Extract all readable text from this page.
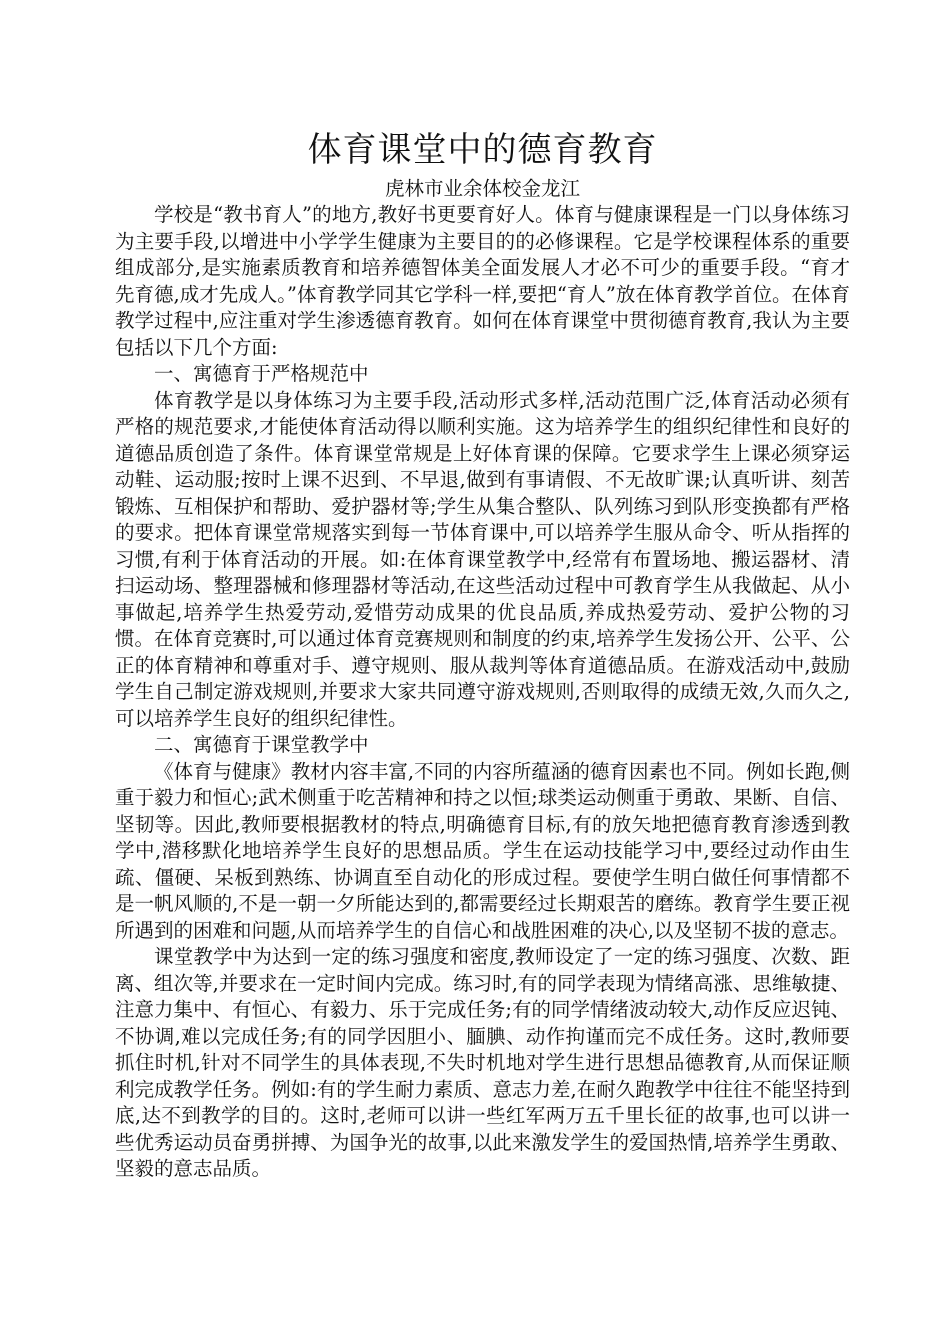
体育课堂中的德育教育
虎林市业余体校金龙江

学校是“教书育人”的地方,教好书更要育好人。体育与健康课程是一门以身体练习为主要手段,以增进中小学学生健康为主要目的的必修课程。它是学校课程体系的重要组成部分,是实施素质教育和培养德智体美全面发展人才必不可少的重要手段。“育才先育德,成才先成人。”体育教学同其它学科一样,要把“育人”放在体育教学首位。在体育教学过程中,应注重对学生渗透德育教育。如何在体育课堂中贯彻德育教育,我认为主要包括以下几个方面:

一、寓德育于严格规范中

体育教学是以身体练习为主要手段,活动形式多样,活动范围广泛,体育活动必须有严格的规范要求,才能使体育活动得以顺利实施。这为培养学生的组织纪律性和良好的道德品质创造了条件。体育课堂常规是上好体育课的保障。它要求学生上课必须穿运动鞋、运动服;按时上课不迟到、不早退,做到有事请假、不无故旷课;认真听讲、刻苦锻炼、互相保护和帮助、爱护器材等;学生从集合整队、队列练习到队形变换都有严格的要求。把体育课堂常规落实到每一节体育课中,可以培养学生服从命令、听从指挥的习惯,有利于体育活动的开展。如:在体育课堂教学中,经常有布置场地、搬运器材、清扫运动场、整理器械和修理器材等活动,在这些活动过程中可教育学生从我做起、从小事做起,培养学生热爱劳动,爱惜劳动成果的优良品质,养成热爱劳动、爱护公物的习惯。在体育竞赛时,可以通过体育竞赛规则和制度的约束,培养学生发扬公开、公平、公正的体育精神和尊重对手、遵守规则、服从裁判等体育道德品质。在游戏活动中,鼓励学生自己制定游戏规则,并要求大家共同遵守游戏规则,否则取得的成绩无效,久而久之,可以培养学生良好的组织纪律性。

二、寓德育于课堂教学中

《体育与健康》教材内容丰富,不同的内容所蕴涵的德育因素也不同。例如长跑,侧重于毅力和恒心;武术侧重于吃苦精神和持之以恒;球类运动侧重于勇敢、果断、自信、坚韧等。因此,教师要根据教材的特点,明确德育目标,有的放矢地把德育教育渗透到教学中,潜移默化地培养学生良好的思想品质。学生在运动技能学习中,要经过动作由生疏、僵硬、呆板到熟练、协调直至自动化的形成过程。要使学生明白做任何事情都不是一帆风顺的,不是一朝一夕所能达到的,都需要经过长期艰苦的磨练。教育学生要正视所遇到的困难和问题,从而培养学生的自信心和战胜困难的决心,以及坚韧不拔的意志。

课堂教学中为达到一定的练习强度和密度,教师设定了一定的练习强度、次数、距离、组次等,并要求在一定时间内完成。练习时,有的同学表现为情绪高涨、思维敏捷、注意力集中、有恒心、有毅力、乐于完成任务;有的同学情绪波动较大,动作反应迟钝、不协调,难以完成任务;有的同学因胆小、腼腆、动作拘谨而完不成任务。这时,教师要抓住时机,针对不同学生的具体表现,不失时机地对学生进行思想品德教育,从而保证顺利完成教学任务。例如:有的学生耐力素质、意志力差,在耐久跑教学中往往不能坚持到底,达不到教学的目的。这时,老师可以讲一些红军两万五千里长征的故事,也可以讲一些优秀运动员奋勇拼搏、为国争光的故事,以此来激发学生的爱国热情,培养学生勇敢、坚毅的意志品质。
